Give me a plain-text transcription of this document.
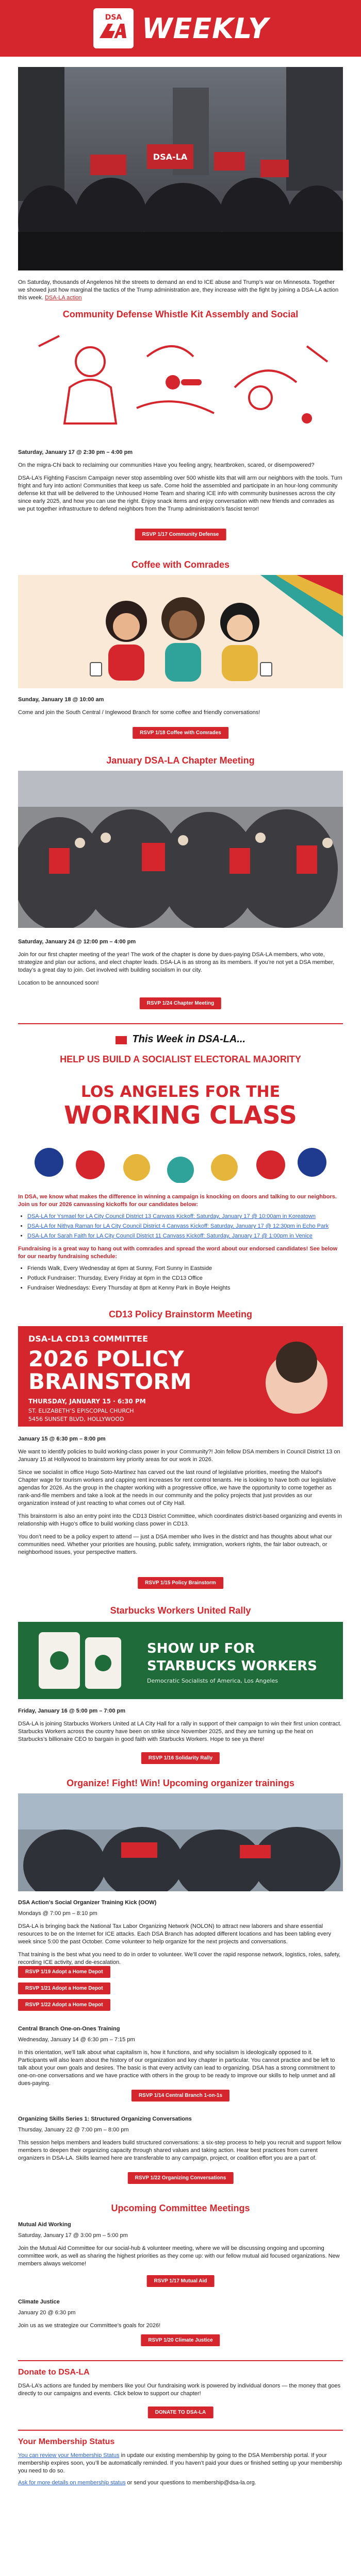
DSA WEEKLY
DSA-LA
On Saturday, thousands of Angelenos hit the streets to demand an end to ICE abuse and Trump’s war on Minnesota. Together we showed just how marginal the tactics of the Trump administration are, they increase with the fight by joining a DSA-LA action this week. DSA-LA action
Community Defense Whistle Kit Assembly and Social
Saturday, January 17 @ 2:30 pm – 4:00 pm
On the migra-Chi back to reclaiming our communities Have you feeling angry, heartbroken, scared, or disempowered?
DSA-LA’s Fighting Fascism Campaign never stop assembling over 500 whistle kits that will arm our neighbors with the tools. Turn fright and fury into action! Communities that keep us safe. Come hold the assembled and participate in an hour-long community defense kit that will be delivered to the Unhoused Home Team and sharing ICE info with community businesses across the city since early 2025, and how you can use the right. Enjoy snack items and enjoy conversation with new friends and comrades as we put together infrastructure to defend neighbors from the Trump administration’s fascist terror!
RSVP 1/17 Community Defense
Coffee with Comrades
Sunday, January 18 @ 10:00 am
Come and join the South Central / Inglewood Branch for some coffee and friendly conversations!
RSVP 1/18 Coffee with Comrades
January DSA-LA Chapter Meeting
Saturday, January 24 @ 12:00 pm – 4:00 pm
Join for our first chapter meeting of the year! The work of the chapter is done by dues-paying DSA-LA members, who vote, strategize and plan our actions, and elect chapter leads. DSA-LA is as strong as its members. If you’re not yet a DSA member, today’s a great day to join. Get involved with building socialism in our city.
Location to be announced soon!
RSVP 1/24 Chapter Meeting
This Week in DSA-LA...
HELP US BUILD A SOCIALIST ELECTORAL MAJORITY
LOS ANGELES FOR THE
WORKING CLASS
In DSA, we know what makes the difference in winning a campaign is knocking on doors and talking to our neighbors. Join us for our 2026 canvassing kickoffs for our candidates below:
• DSA-LA for Ysmael for LA City Council District 13 Canvass Kickoff: Saturday, January 17 @ 10:00am in Koreatown
• DSA-LA for Nithya Raman for LA City Council District 4 Canvass Kickoff: Saturday, January 17 @ 12:30pm in Echo Park
• DSA-LA for Sarah Faith for LA City Council District 11 Canvass Kickoff: Saturday, January 17 @ 1:00pm in Venice
Fundraising is a great way to hang out with comrades and spread the word about our endorsed candidates! See below for our nearby fundraising schedule:
• Friends Walk, Every Wednesday at 6pm at Sunny, Fort Sunny in Eastside
• Potluck Fundraiser: Thursday, Every Friday at 6pm in the CD13 Office
• Fundraiser Wednesdays: Every Thursday at 8pm at Kenny Park in Boyle Heights
CD13 Policy Brainstorm Meeting
DSA-LA CD13 COMMITTEE
2026 POLICY
BRAINSTORM
THURSDAY, JANUARY 15 · 6:30 PM
ST. ELIZABETH’S EPISCOPAL CHURCH
5456 SUNSET BLVD, HOLLYWOOD
January 15 @ 6:30 pm – 8:00 pm
We want to identify policies to build working-class power in your Community?! Join fellow DSA members in Council District 13 on January 15 at Hollywood to brainstorm key priority areas for our work in 2026.
Since we socialist in office Hugo Soto-Martinez has carved out the last round of legislative priorities, meeting the Maloof’s Chapter wage for tourism workers and capping rent increases for rent control tenants. He is looking to have both our legislative agendas for 2026. As the group in the chapter working with a progressive office, we have the opportunity to come together as rank-and-file members and take a look at the needs in our community and the policy projects that just provides as our organization instead of just reacting to what comes out of City Hall.
This brainstorm is also an entry point into the CD13 District Committee, which coordinates district-based organizing and events in relationship with Hugo’s office to build working class power in CD13.
You don’t need to be a policy expert to attend — just a DSA member who lives in the district and has thoughts about what our communities need. Whether your priorities are housing, public safety, immigration, workers rights, the fair labor outreach, or neighborhood issues, your perspective matters.
RSVP 1/15 Policy Brainstorm
Starbucks Workers United Rally
SHOW UP FOR
STARBUCKS WORKERS
Democratic Socialists of America, Los Angeles
Friday, January 16 @ 5:00 pm – 7:00 pm
DSA-LA is joining Starbucks Workers United at LA City Hall for a rally in support of their campaign to win their first union contract. Starbucks Workers across the country have been on strike since November 2025, and they are turning up the heat on Starbucks’s billionaire CEO to bargain in good faith with Starbucks Workers. Hope to see ya there!
RSVP 1/16 Solidarity Rally
Organize! Fight! Win! Upcoming organizer trainings
DSA Action’s Social Organizer Training Kick (OOW)
Mondays @ 7:00 pm – 8:10 pm
DSA-LA is bringing back the National Tax Labor Organizing Network (NOLON) to attract new laborers and share essential resources to be on the Internet for ICE attacks. Each DSA Branch has adopted different locations and has been tabling every week since 5:00 the past October. Come volunteer to help organize for the next projects and conversations.
That training is the best what you need to do in order to volunteer. We’ll cover the rapid response network, logistics, roles, safety, recording ICE activity, and de-escalation.
RSVP 1/19 Adopt a Home Depot
RSVP 1/21 Adopt a Home Depot
RSVP 1/22 Adopt a Home Depot
Central Branch One-on-Ones Training
Wednesday, January 14 @ 6:30 pm – 7:15 pm
In this orientation, we'll talk about what capitalism is, how it functions, and why socialism is ideologically opposed to it. Participants will also learn about the history of our organization and key chapter in particular. You cannot practice and be left to talk about your own goals and desires. The basic is that every activity can lead to organizing. DSA has a strong commitment to one-on-one conversations and we have practice with others in the group to be ready to improve our skills to help unmet and all dues-paying.
RSVP 1/14 Central Branch 1-on-1s
Organizing Skills Series 1: Structured Organizing Conversations
Thursday, January 22 @ 7:00 pm – 8:00 pm
This session helps members and leaders build structured conversations: a six-step process to help you recruit and support fellow members to deepen their organizing capacity through shared values and taking action. Hear best practices from current organizers in DSA-LA. Skills learned here are transferable to any campaign, project, or coalition effort you are a part of.
RSVP 1/22 Organizing Conversations
Upcoming Committee Meetings
Mutual Aid Working
Saturday, January 17 @ 3:00 pm – 5:00 pm
Join the Mutual Aid Committee for our social-hub & volunteer meeting, where we will be discussing ongoing and upcoming committee work, as well as sharing the highest priorities as they come up: with our fellow mutual aid focused organizations. New members always welcome!
RSVP 1/17 Mutual Aid
Climate Justice
January 20 @ 6:30 pm
Join us as we strategize our Committee’s goals for 2026!
RSVP 1/20 Climate Justice
Donate to DSA-LA
DSA-LA’s actions are funded by members like you! Our fundraising work is powered by individual donors — the money that goes directly to our campaigns and events. Click below to support our chapter!
DONATE TO DSA-LA
Your Membership Status
You can review your Membership Status in update our existing membership by going to the DSA Membership portal. If your membership expires soon, you’ll be automatically reminded. If you haven’t paid your dues or finished setting up your membership you need to do so.
Ask for more details on membership status or send your questions to membership@dsa-la.org.
